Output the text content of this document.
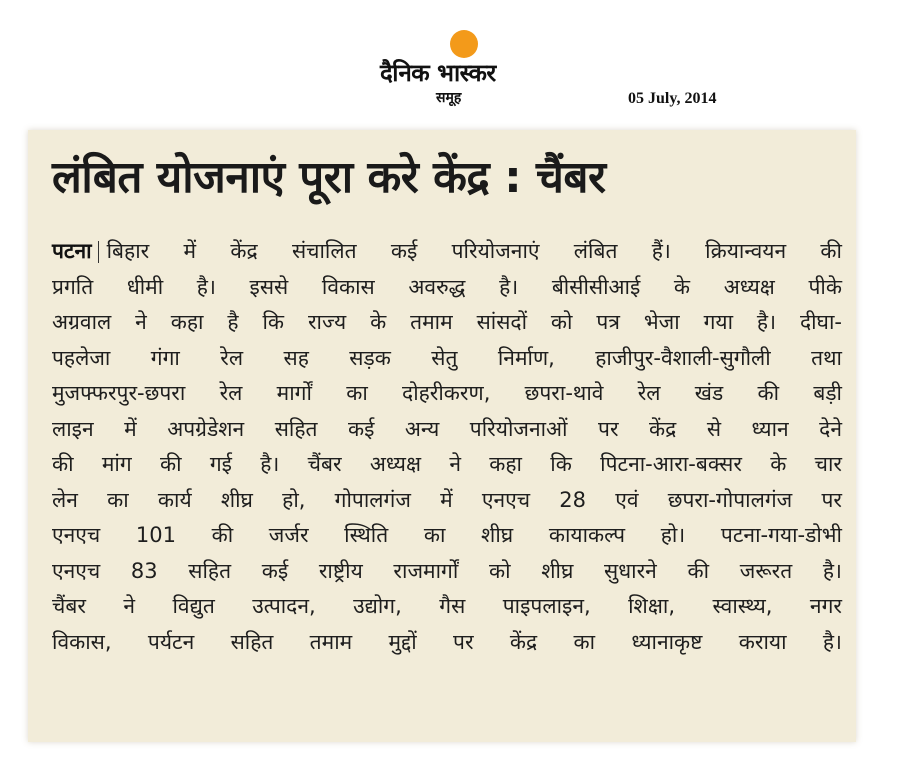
दैनिक भास्कर
समूह	05 July, 2014
लंबित योजनाएं पूरा करे केंद्र : चैंबर
पटना बिहार में केंद्र संचालित कई परियोजनाएं लंबित हैं। क्रियान्वयन की
प्रगति धीमी है। इससे विकास अवरुद्ध है। बीसीसीआई के अध्यक्ष पीके
अग्रवाल ने कहा है कि राज्य के तमाम सांसदों को पत्र भेजा गया है। दीघा-
पहलेजा गंगा रेल सह सड़क सेतु निर्माण, हाजीपुर-वैशाली-सुगौली तथा
मुजफ्फरपुर-छपरा रेल मार्गों का दोहरीकरण, छपरा-थावे रेल खंड की बड़ी
लाइन में अपग्रेडेशन सहित कई अन्य परियोजनाओं पर केंद्र से ध्यान देने
की मांग की गई है। चैंबर अध्यक्ष ने कहा कि पिटना-आरा-बक्सर के चार
लेन का कार्य शीघ्र हो, गोपालगंज में एनएच 28 एवं छपरा-गोपालगंज पर
एनएच 101 की जर्जर स्थिति का शीघ्र कायाकल्प हो। पटना-गया-डोभी
एनएच 83 सहित कई राष्ट्रीय राजमार्गों को शीघ्र सुधारने की जरूरत है।
चैंबर ने विद्युत उत्पादन, उद्योग, गैस पाइपलाइन, शिक्षा, स्वास्थ्य, नगर
विकास, पर्यटन सहित तमाम मुद्दों पर केंद्र का ध्यानाकृष्ट कराया है।
